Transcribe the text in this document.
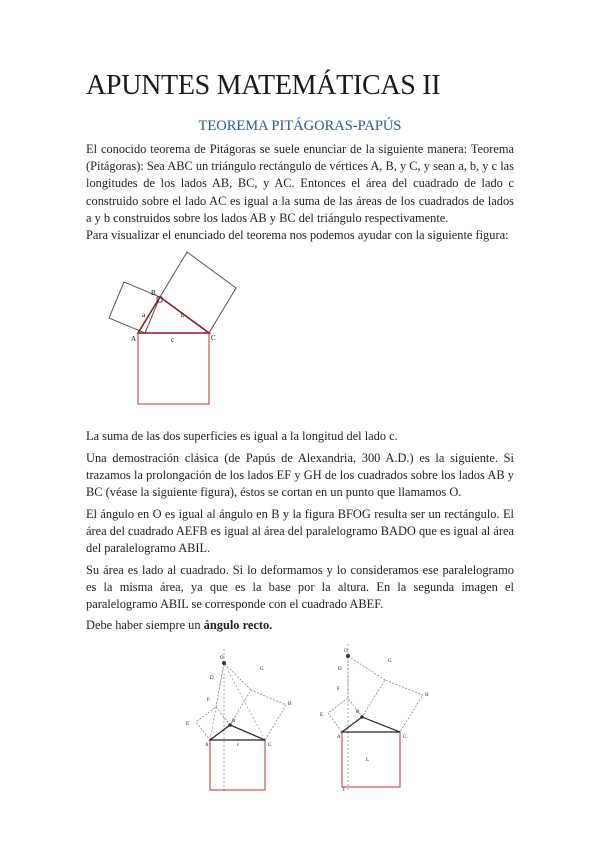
APUNTES MATEMÁTICAS II
TEOREMA PITÁGORAS-PAPÚS

El conocido teorema de Pitágoras se suele enunciar de la siguiente manera: Teorema (Pitágoras): Sea ABC un triángulo rectángulo de vértices A, B, y C, y sean a, b, y c las longitudes de los lados AB, BC, y AC. Entonces el área del cuadrado de lado c construido sobre el lado AC es igual a la suma de las áreas de los cuadrados de lados a y b construidos sobre los lados AB y BC del triángulo respectivamente.

Para visualizar el enunciado del teorema nos podemos ayudar con la siguiente figura:

A
B
C
a	b
c

La suma de las dos superficies es igual a la longitud del lado c.

Una demostración clásica (de Papús de Alexandria, 300 A.D.) es la siguiente. Si trazamos la prolongación de los lados EF y GH de los cuadrados sobre los lados AB y BC (véase la siguiente figura), éstos se cortan en un punto que llamamos O.

El ángulo en O es igual al ángulo en B y la figura BFOG resulta ser un rectángulo. El área del cuadrado AEFB es igual al área del paralelogramo BADO que es igual al área del paralelogramo ABIL.

Su área es lado al cuadrado. Si lo deformamos y lo consideramos ese paralelogramo es la misma área, ya que es la base por la altura. En la segunda imagen el paralelogramo ABIL se corresponde con el cuadrado ABEF.

Debe haber siempre un ángulo recto.

O
G
H
F
E
B
A	C
D
c
O
G
H
F
E
B
A	C
D
L
I
